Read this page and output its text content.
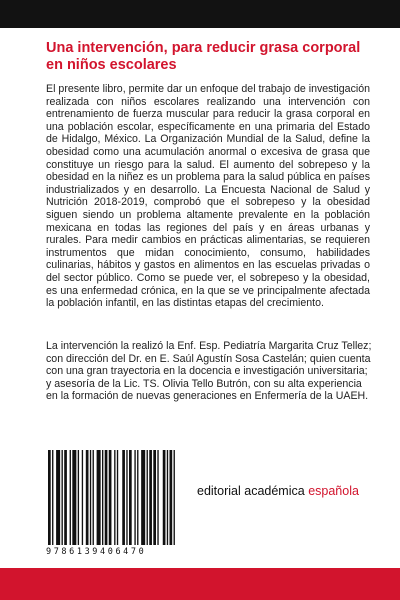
Una intervención, para reducir grasa corporal en niños escolares

El presente libro, permite dar un enfoque del trabajo de investigación realizada con niños escolares realizando una intervención con entrenamiento de fuerza muscular para reducir la grasa corporal en una población escolar, específicamente en una primaria del Estado de Hidalgo, México. La Organización Mundial de la Salud, define la obesidad como una acumulación anormal o excesiva de grasa que constituye un riesgo para la salud. El aumento del sobrepeso y la obesidad en la niñez es un problema para la salud pública en países industrializados y en desarrollo. La Encuesta Nacional de Salud y Nutrición 2018-2019, comprobó que el sobrepeso y la obesidad siguen siendo un problema altamente prevalente en la población mexicana en todas las regiones del país y en áreas urbanas y rurales. Para medir cambios en prácticas alimentarias, se requieren instrumentos que midan conocimiento, consumo, habilidades culinarias, hábitos y gastos en alimentos en las escuelas privadas o del sector público. Como se puede ver, el sobrepeso y la obesidad, es una enfermedad crónica, en la que se ve principalmente afectada la población infantil, en las distintas etapas del crecimiento.

La intervención la realizó la Enf. Esp. Pediatría Margarita Cruz Tellez; con dirección del Dr. en E. Saúl Agustín Sosa Castelán; quien cuenta con una gran trayectoria en la docencia e investigación universitaria; y asesoría de la Lic. TS. Olivia Tello Butrón, con su alta experiencia en la formación de nuevas generaciones en Enfermería de la UAEH.

9786139406470
editorial académica española
